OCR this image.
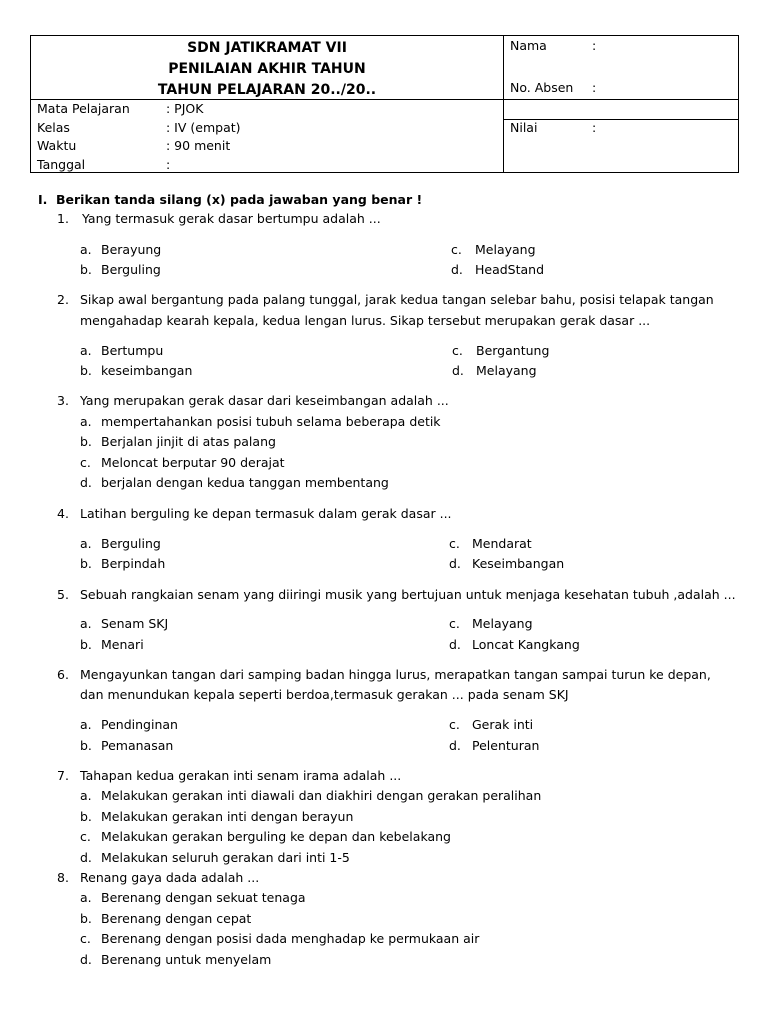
SDN JATIKRAMAT VII
PENILAIAN AKHIR TAHUN
TAHUN PELAJARAN 20../20..
Mata Pelajaran	: PJOK
Kelas	: IV (empat)
Waktu	: 90 menit
Tanggal	:
Nama	:
No. Absen :
Nilai	:
I. Berikan tanda silang (x) pada jawaban yang benar !
1. Yang termasuk gerak dasar bertumpu adalah ...
a. Berayung
b. Berguling
c. Melayang
d. HeadStand
2. Sikap awal bergantung pada palang tunggal, jarak kedua tangan selebar bahu, posisi telapak tangan
mengahadap kearah kepala, kedua lengan lurus. Sikap tersebut merupakan gerak dasar ...
a. Bertumpu
b. keseimbangan
c. Bergantung
d. Melayang
3. Yang merupakan gerak dasar dari keseimbangan adalah ...
a. mempertahankan posisi tubuh selama beberapa detik
b. Berjalan jinjit di atas palang
c. Meloncat berputar 90 derajat
d. berjalan dengan kedua tanggan membentang
4. Latihan berguling ke depan termasuk dalam gerak dasar ...
a. Berguling
b. Berpindah
c. Mendarat
d. Keseimbangan
5. Sebuah rangkaian senam yang diiringi musik yang bertujuan untuk menjaga kesehatan tubuh ,adalah ...
a. Senam SKJ
b. Menari
c. Melayang
d. Loncat Kangkang
6. Mengayunkan tangan dari samping badan hingga lurus, merapatkan tangan sampai turun ke depan,
dan menundukan kepala seperti berdoa,termasuk gerakan ... pada senam SKJ
a. Pendinginan
b. Pemanasan
c. Gerak inti
d. Pelenturan
7. Tahapan kedua gerakan inti senam irama adalah ...
a. Melakukan gerakan inti diawali dan diakhiri dengan gerakan peralihan
b. Melakukan gerakan inti dengan berayun
c. Melakukan gerakan berguling ke depan dan kebelakang
d. Melakukan seluruh gerakan dari inti 1-5
8. Renang gaya dada adalah ...
a. Berenang dengan sekuat tenaga
b. Berenang dengan cepat
c. Berenang dengan posisi dada menghadap ke permukaan air
d. Berenang untuk menyelam
